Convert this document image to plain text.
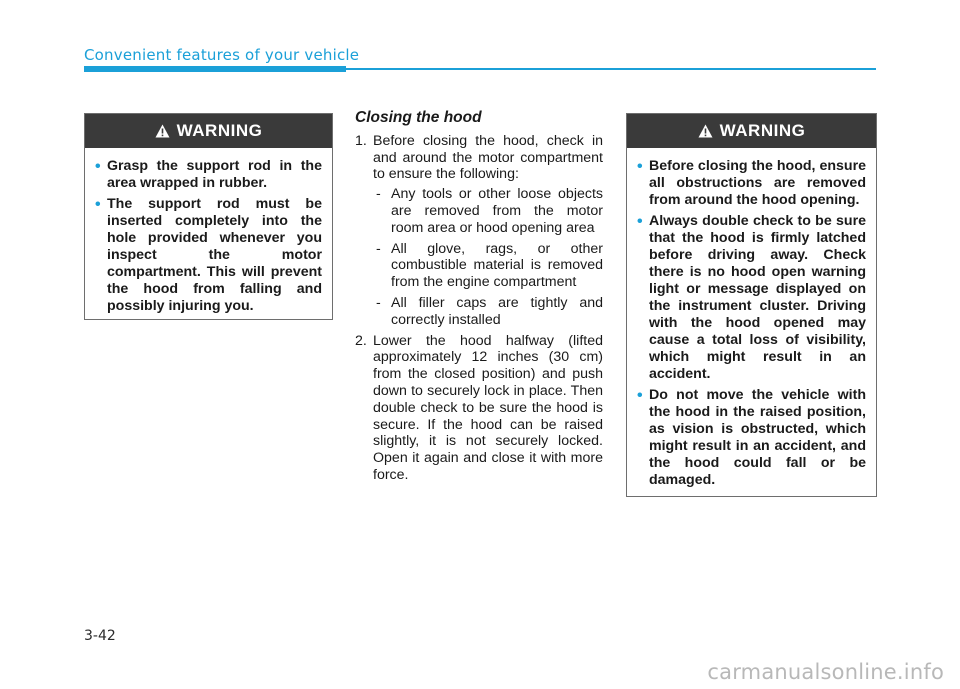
Convenient features of your vehicle
WARNING
• Grasp the support rod in the area wrapped in rubber.
• The support rod must be inserted completely into the hole provided whenever you inspect the motor compartment. This will prevent the hood from falling and possibly injuring you.
Closing the hood
1. Before closing the hood, check in and around the motor compartment to ensure the following:
- Any tools or other loose objects are removed from the motor room area or hood opening area
- All glove, rags, or other combustible material is removed from the engine compartment
- All filler caps are tightly and correctly installed
2. Lower the hood halfway (lifted approximately 12 inches (30 cm) from the closed position) and push down to securely lock in place. Then double check to be sure the hood is secure. If the hood can be raised slightly, it is not securely locked. Open it again and close it with more force.
WARNING
• Before closing the hood, ensure all obstructions are removed from around the hood opening.
• Always double check to be sure that the hood is firmly latched before driving away. Check there is no hood open warning light or message displayed on the instrument cluster. Driving with the hood opened may cause a total loss of visibility, which might result in an accident.
• Do not move the vehicle with the hood in the raised position, as vision is obstructed, which might result in an accident, and the hood could fall or be damaged.
3-42
carmanualsonline.info
